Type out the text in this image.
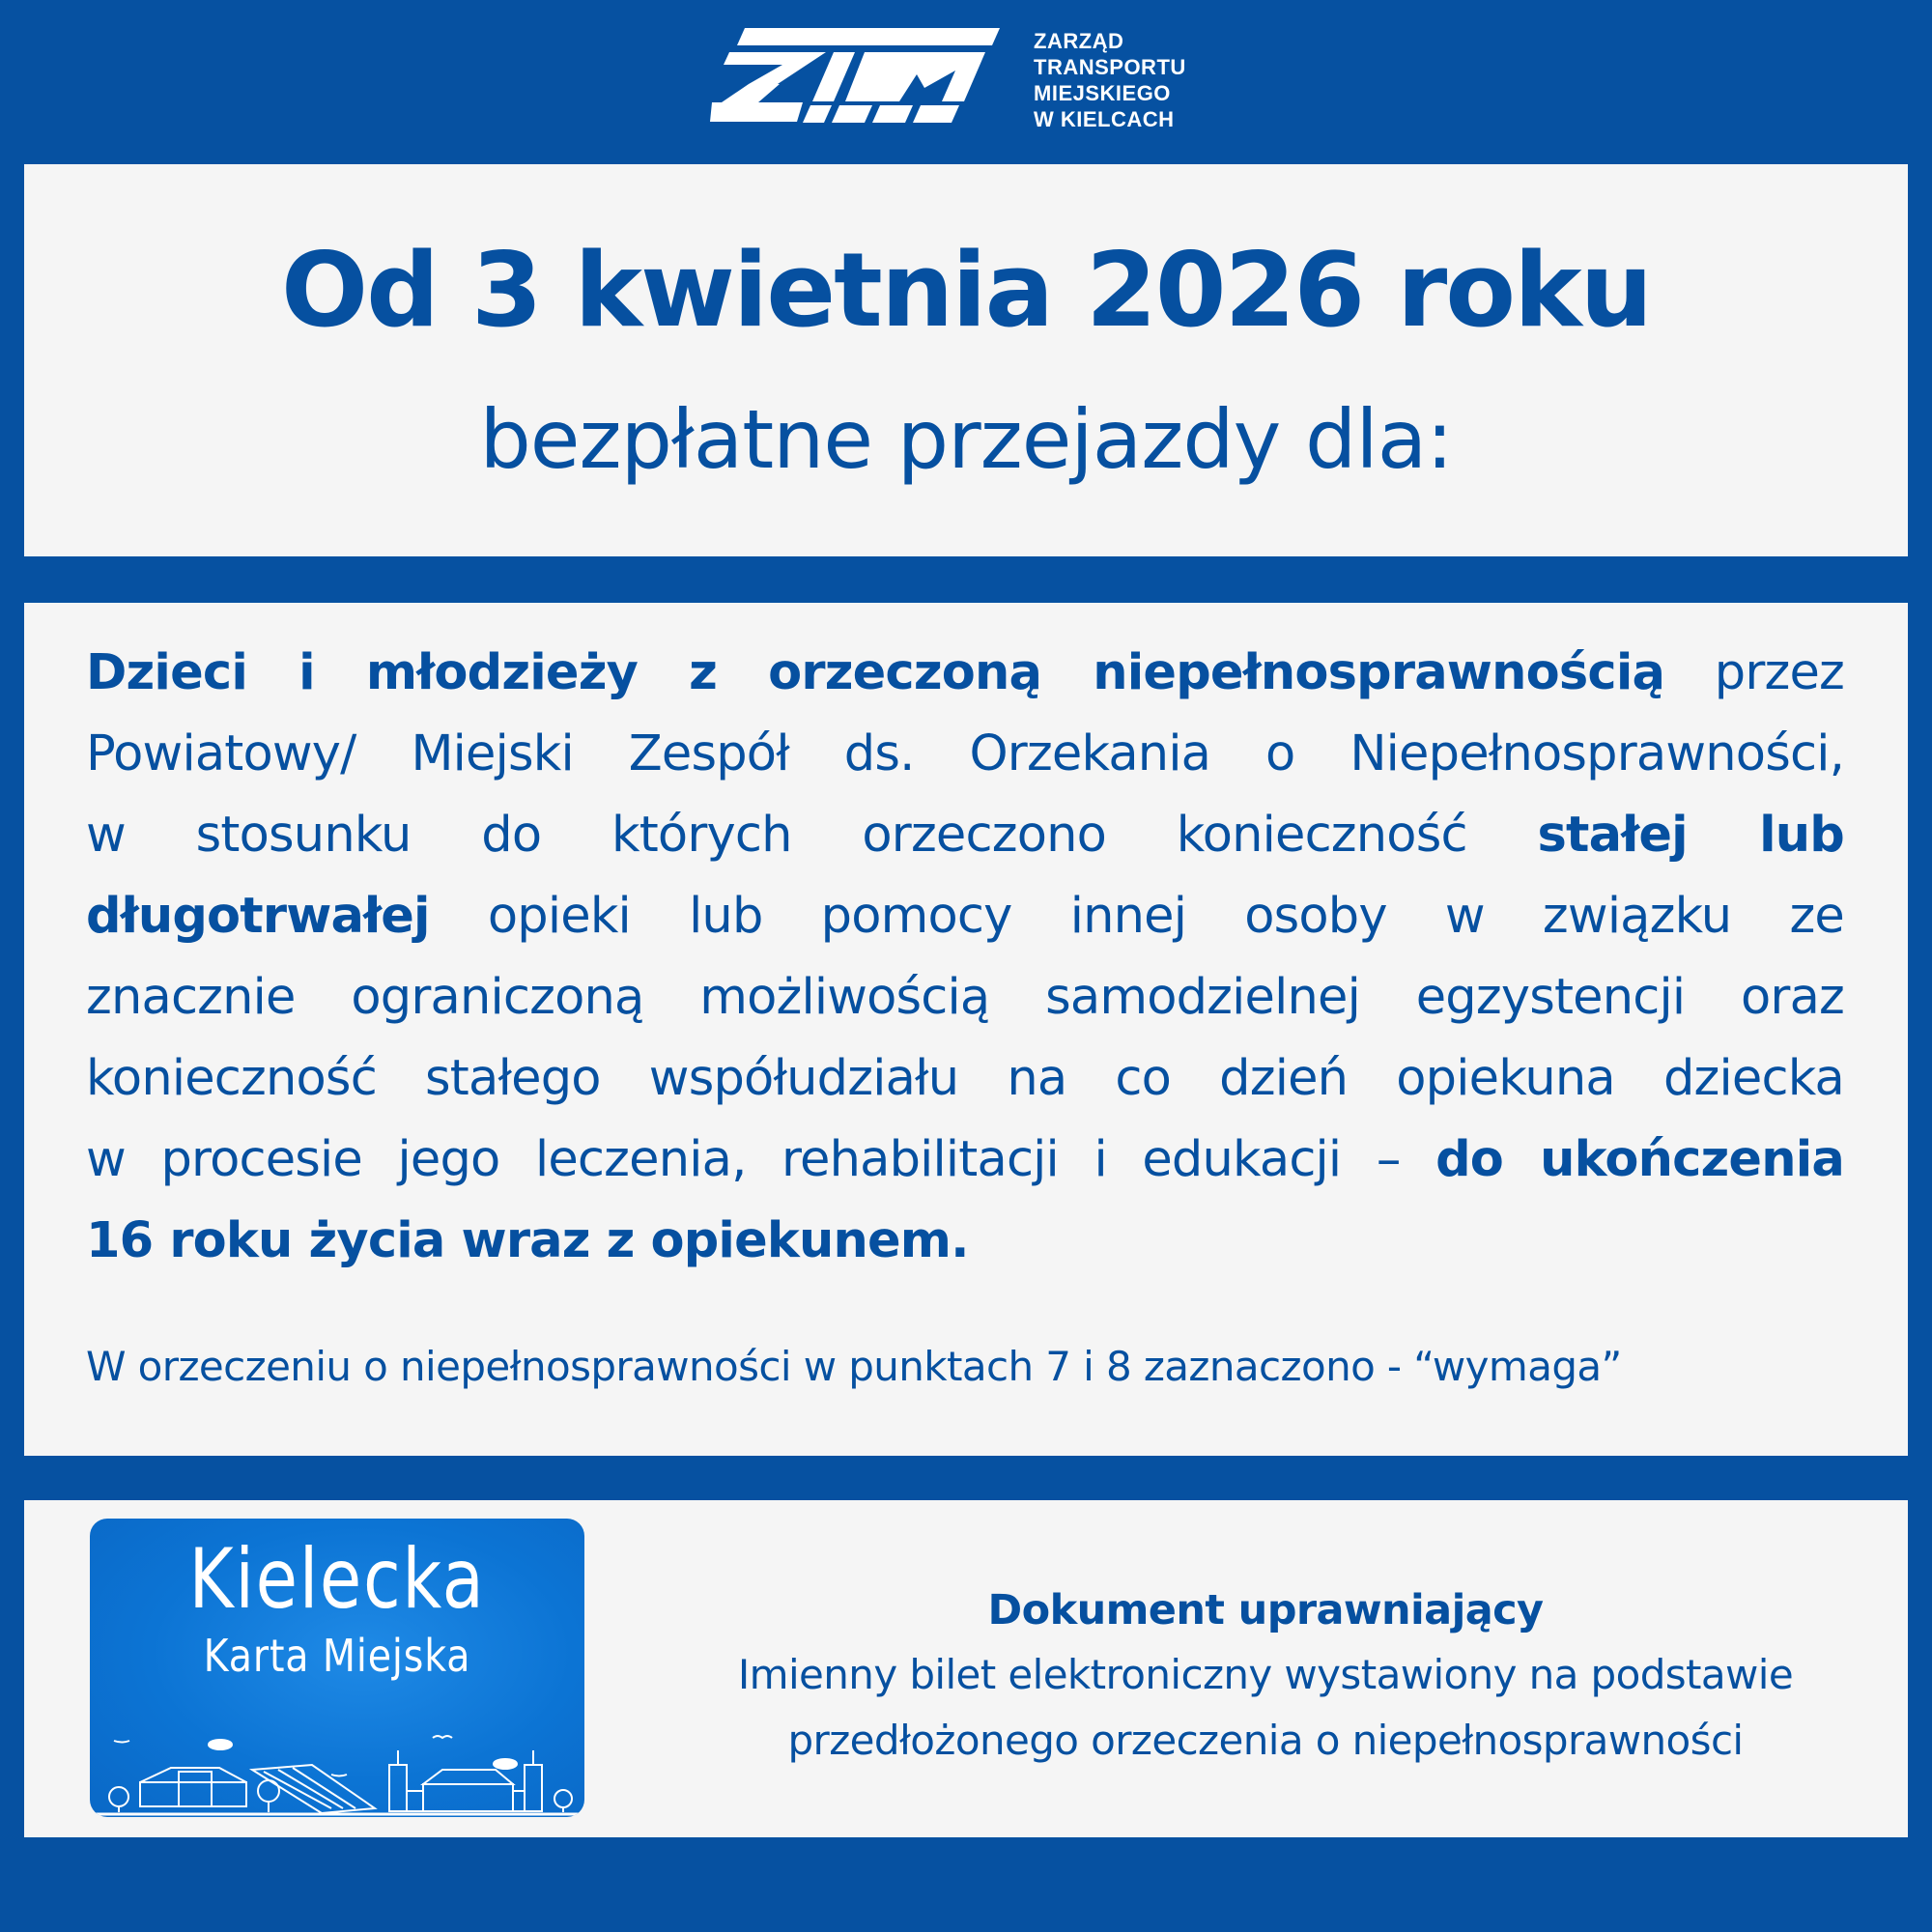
ZARZĄD
TRANSPORTU
MIEJSKIEGO
W KIELCACH
Od 3 kwietnia 2026 roku
bezpłatne przejazdy dla:
Dzieci i młodzieży z orzeczoną niepełnosprawnością przez
Powiatowy/ Miejski Zespół ds. Orzekania o Niepełnosprawności,
w stosunku do których orzeczono konieczność stałej lub
długotrwałej opieki lub pomocy innej osoby w związku ze
znacznie ograniczoną możliwością samodzielnej egzystencji oraz
konieczność stałego współudziału na co dzień opiekuna dziecka
w procesie jego leczenia, rehabilitacji i edukacji – do ukończenia
16 roku życia wraz z opiekunem.
W orzeczeniu o niepełnosprawności w punktach 7 i 8 zaznaczono - “wymaga”
Kielecka
Karta Miejska
Dokument uprawniający
Imienny bilet elektroniczny wystawiony na podstawie
przedłożonego orzeczenia o niepełnosprawności
